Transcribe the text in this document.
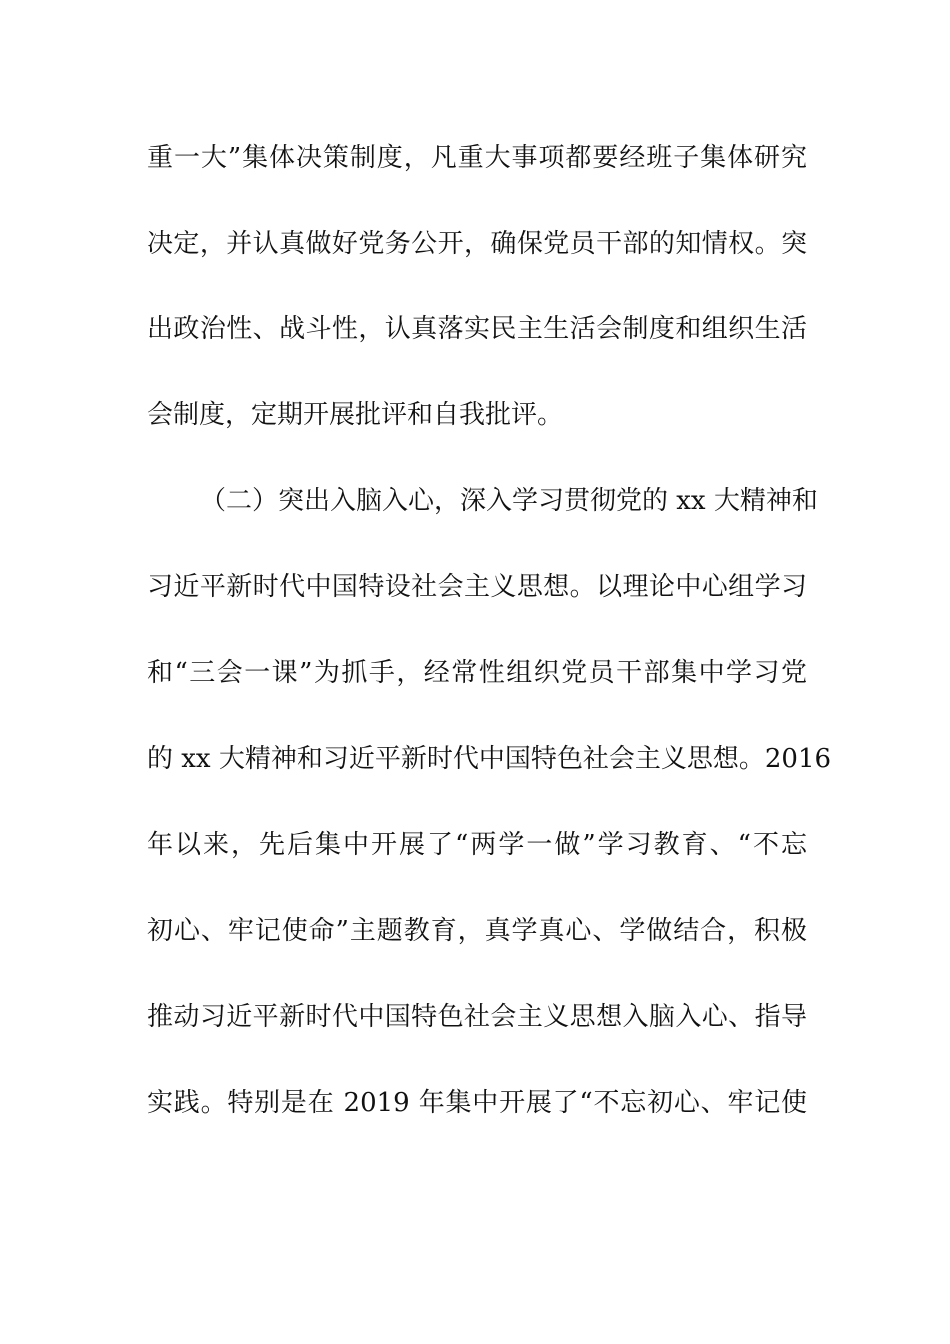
重一大”集体决策制度，凡重大事项都要经班子集体研究
决定，并认真做好党务公开，确保党员干部的知情权。突
出政治性、战斗性，认真落实民主生活会制度和组织生活
会制度，定期开展批评和自我批评。
（二）突出入脑入心，深入学习贯彻党的 xx 大精神和
习近平新时代中国特设社会主义思想。以理论中心组学习
和“三会一课”为抓手，经常性组织党员干部集中学习党
的 xx 大精神和习近平新时代中国特色社会主义思想。2016
年以来，先后集中开展了“两学一做”学习教育、“不忘
初心、牢记使命”主题教育，真学真心、学做结合，积极
推动习近平新时代中国特色社会主义思想入脑入心、指导
实践。特别是在 2019 年集中开展了“不忘初心、牢记使
